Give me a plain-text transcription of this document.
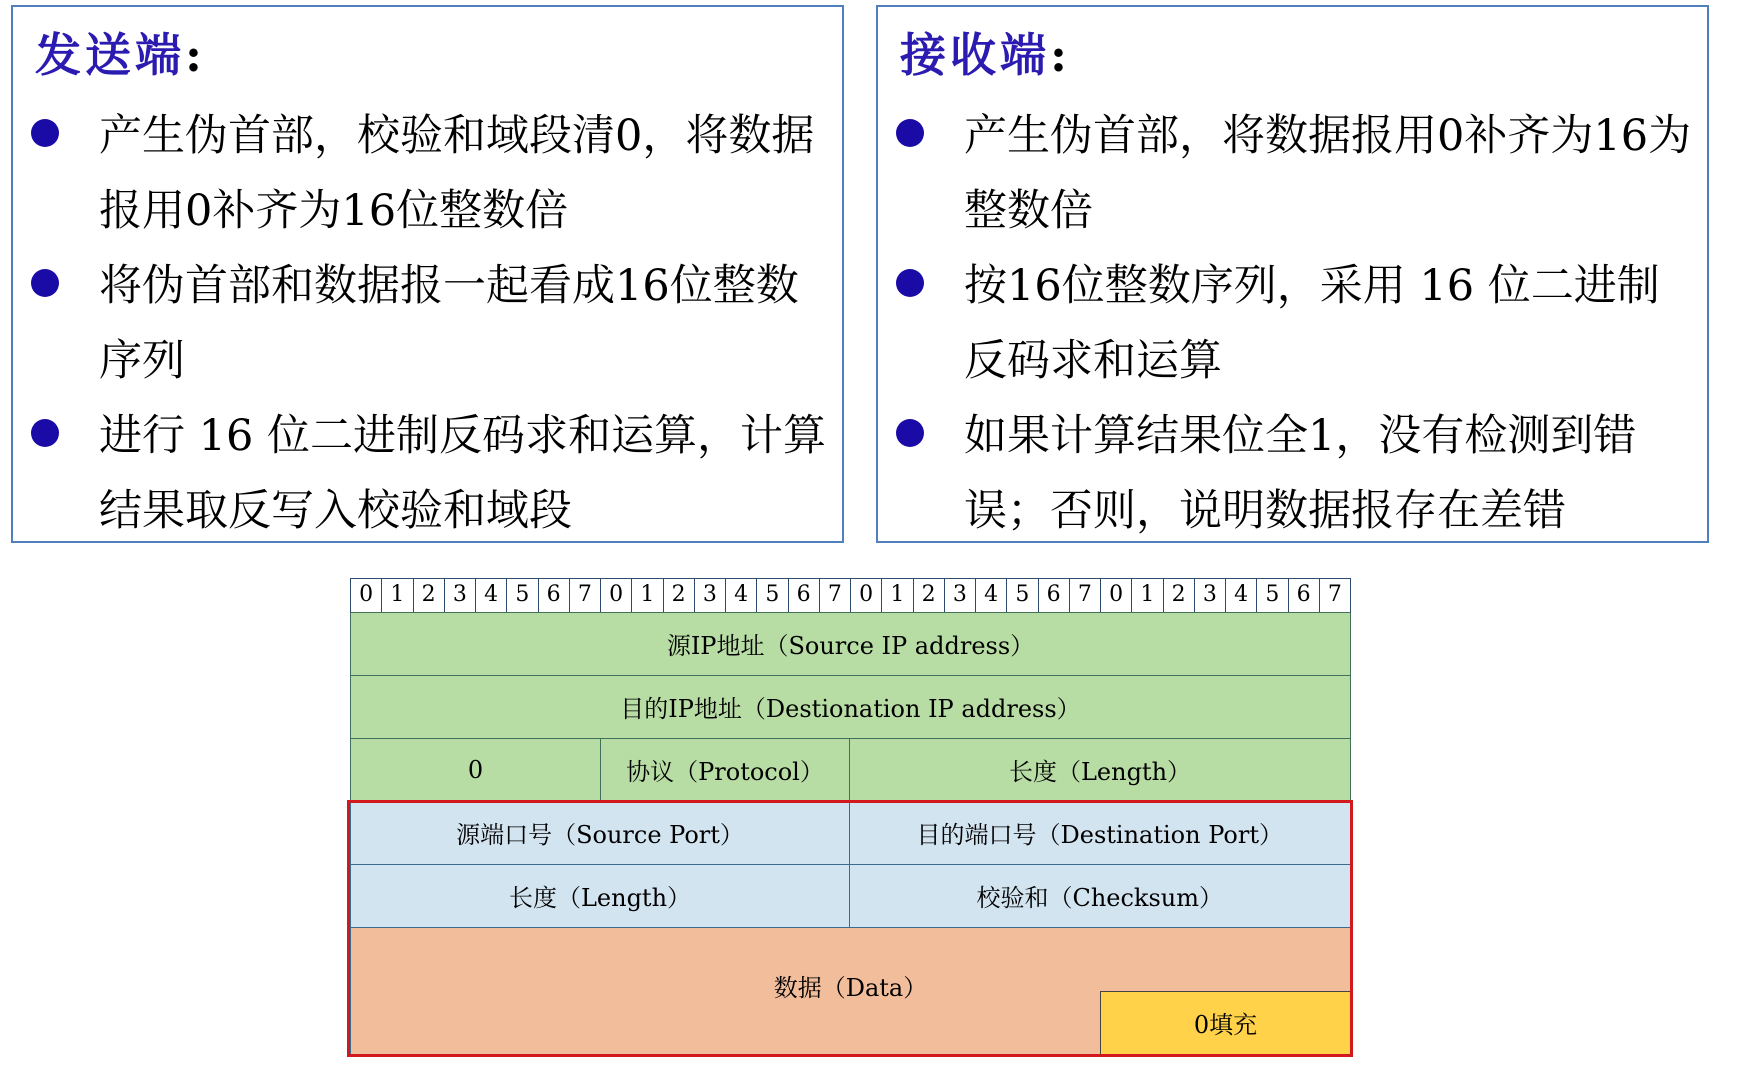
发送端:
产生伪首部，校验和域段清0，将数据报用0补齐为16位整数倍
将伪首部和数据报一起看成16位整数序列
进行 16 位二进制反码求和运算，计算结果取反写入校验和域段
接收端:
产生伪首部，将数据报用0补齐为16为整数倍
按16位整数序列，采用 16 位二进制反码求和运算
如果计算结果位全1，没有检测到错误；否则，说明数据报存在差错
0 1 2 3 4 5 6 7 0 1 2 3 4 5 6 7 0 1 2 3 4 5 6 7 0 1 2 3 4 5 6 7
源IP地址（Source IP address）
目的IP地址（Destionation IP address）
0	协议（Protocol）	长度（Length）
源端口号（Source Port）	目的端口号（Destination Port）
长度（Length）	校验和（Checksum）
数据（Data）
0填充
